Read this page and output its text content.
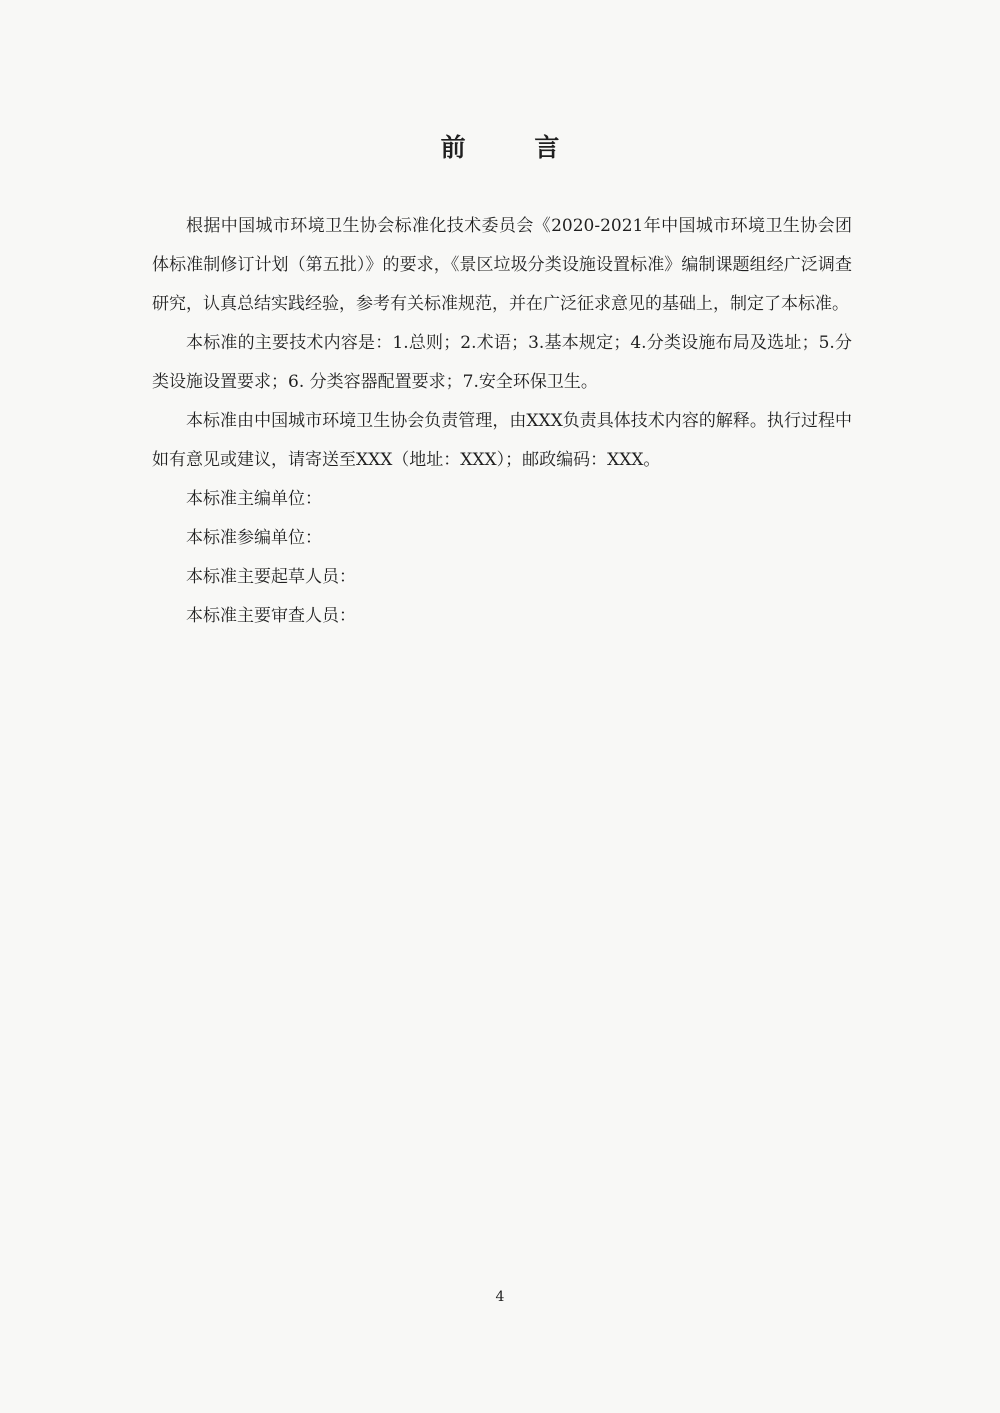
前 言

根据中国城市环境卫生协会标准化技术委员会《2020-2021年中国城市环境卫生协会团体标准制修订计划（第五批）》的要求，《景区垃圾分类设施设置标准》编制课题组经广泛调查研究，认真总结实践经验，参考有关标准规范，并在广泛征求意见的基础上，制定了本标准。

本标准的主要技术内容是：1.总则；2.术语；3.基本规定；4.分类设施布局及选址；5.分类设施设置要求；6. 分类容器配置要求；7.安全环保卫生。

本标准由中国城市环境卫生协会负责管理，由XXX负责具体技术内容的解释。执行过程中如有意见或建议，请寄送至XXX（地址：XXX）；邮政编码：XXX。

本标准主编单位：

本标准参编单位：

本标准主要起草人员：

本标准主要审查人员：

4
